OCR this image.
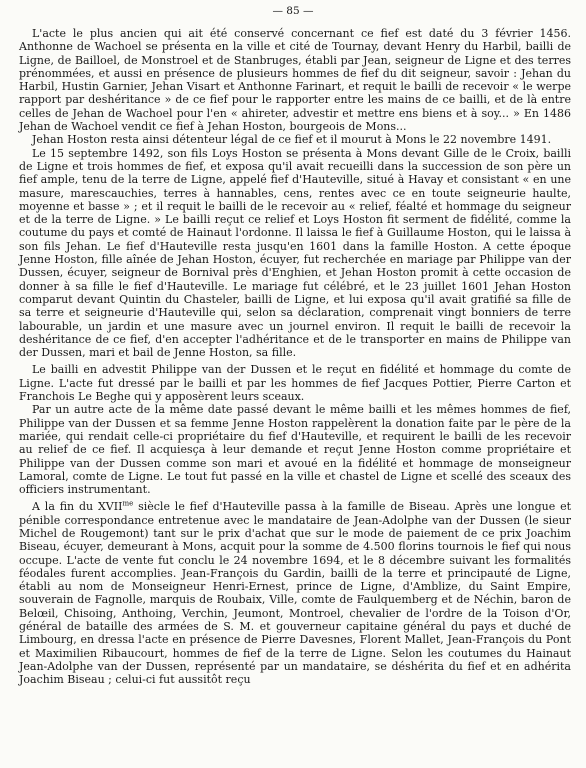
— 85 —

L'acte le plus ancien qui ait été conservé concernant ce fief est daté du 3 février 1456. Anthonne de Wachoel se présenta en la ville et cité de Tournay, devant Henry du Harbil, bailli de Ligne, de Bailloel, de Monstroel et de Stanbruges, établi par Jean, seigneur de Ligne et des terres prénommées, et aussi en présence de plusieurs hommes de fief du dit seigneur, savoir : Jehan du Harbil, Hustin Garnier, Jehan Visart et Anthonne Farinart, et requit le bailli de recevoir « le werpe rapport par deshéritance » de ce fief pour le rapporter entre les mains de ce bailli, et de là entre celles de Jehan de Wachoel pour l'en « ahireter, advestir et mettre ens biens et à soy... » En 1486 Jehan de Wachoel vendit ce fief à Jehan Hoston, bourgeois de Mons...

Jehan Hoston resta ainsi détenteur légal de ce fief et il mourut à Mons le 22 novembre 1491.

Le 15 septembre 1492, son fils Loys Hoston se présenta à Mons devant Gille de le Croix, bailli de Ligne et trois hommes de fief, et exposa qu'il avait recueilli dans la succession de son père un fief ample, tenu de la terre de Ligne, appelé fief d'Hauteville, situé à Havay et consistant « en une masure, marescauchies, terres à hannables, cens, rentes avec ce en toute seigneurie haulte, moyenne et basse » ; et il requit le bailli de le recevoir au « relief, féalté et hommage du seigneur et de la terre de Ligne. » Le bailli reçut ce relief et Loys Hoston fit serment de fidélité, comme la coutume du pays et comté de Hainaut l'ordonne. Il laissa le fief à Guillaume Hoston, qui le laissa à son fils Jehan. Le fief d'Hauteville resta jusqu'en 1601 dans la famille Hoston. A cette époque Jenne Hoston, fille aînée de Jehan Hoston, écuyer, fut recherchée en mariage par Philippe van der Dussen, écuyer, seigneur de Bornival près d'Enghien, et Jehan Hoston promit à cette occasion de donner à sa fille le fief d'Hauteville. Le mariage fut célébré, et le 23 juillet 1601 Jehan Hoston comparut devant Quintin du Chasteler, bailli de Ligne, et lui exposa qu'il avait gratifié sa fille de sa terre et seigneurie d'Hauteville qui, selon sa déclaration, comprenait vingt bonniers de terre labourable, un jardin et une masure avec un journel environ. Il requit le bailli de recevoir la deshéritance de ce fief, d'en accepter l'adhéritance et de le transporter en mains de Philippe van der Dussen, mari et bail de Jenne Hoston, sa fille.

Le bailli en advestit Philippe van der Dussen et le reçut en fidélité et hommage du comte de Ligne. L'acte fut dressé par le bailli et par les hommes de fief Jacques Pottier, Pierre Carton et Franchois Le Beghe qui y apposèrent leurs sceaux.

Par un autre acte de la même date passé devant le même bailli et les mêmes hommes de fief, Philippe van der Dussen et sa femme Jenne Hoston rappelèrent la donation faite par le père de la mariée, qui rendait celle-ci propriétaire du fief d'Hauteville, et requirent le bailli de les recevoir au relief de ce fief. Il acquiesça à leur demande et reçut Jenne Hoston comme propriétaire et Philippe van der Dussen comme son mari et avoué en la fidélité et hommage de monseigneur Lamoral, comte de Ligne. Le tout fut passé en la ville et chastel de Ligne et scellé des sceaux des officiers instrumentant.

A la fin du $XVII^{me}$ siècle le fief d'Hauteville passa à la famille de Biseau. Après une longue et pénible correspondance entretenue avec le mandataire de Jean-Adolphe van der Dussen (le sieur Michel de Rougemont) tant sur le prix d'achat que sur le mode de paiement de ce prix Joachim Biseau, écuyer, demeurant à Mons, acquit pour la somme de 4.500 florins tournois le fief qui nous occupe. L'acte de vente fut conclu le 24 novembre 1694, et le 8 décembre suivant les formalités féodales furent accomplies. Jean-François du Gardin, bailli de la terre et principauté de Ligne, établi au nom de Monseigneur Henri-Ernest, prince de Ligne, d'Amblize, du Saint Empire, souverain de Fagnolle, marquis de Roubaix, Ville, comte de Faulquemberg et de Néchin, baron de Belœil, Chisoing, Anthoing, Verchin, Jeumont, Montroel, chevalier de l'ordre de la Toison d'Or, général de bataille des armées de S. M. et gouverneur capitaine général du pays et duché de Limbourg, en dressa l'acte en présence de Pierre Davesnes, Florent Mallet, Jean-François du Pont et Maximilien Ribaucourt, hommes de fief de la terre de Ligne. Selon les coutumes du Hainaut Jean-Adolphe van der Dussen, représenté par un mandataire, se déshérita du fief et en adhérita Joachim Biseau ; celui-ci fut aussitôt reçu
